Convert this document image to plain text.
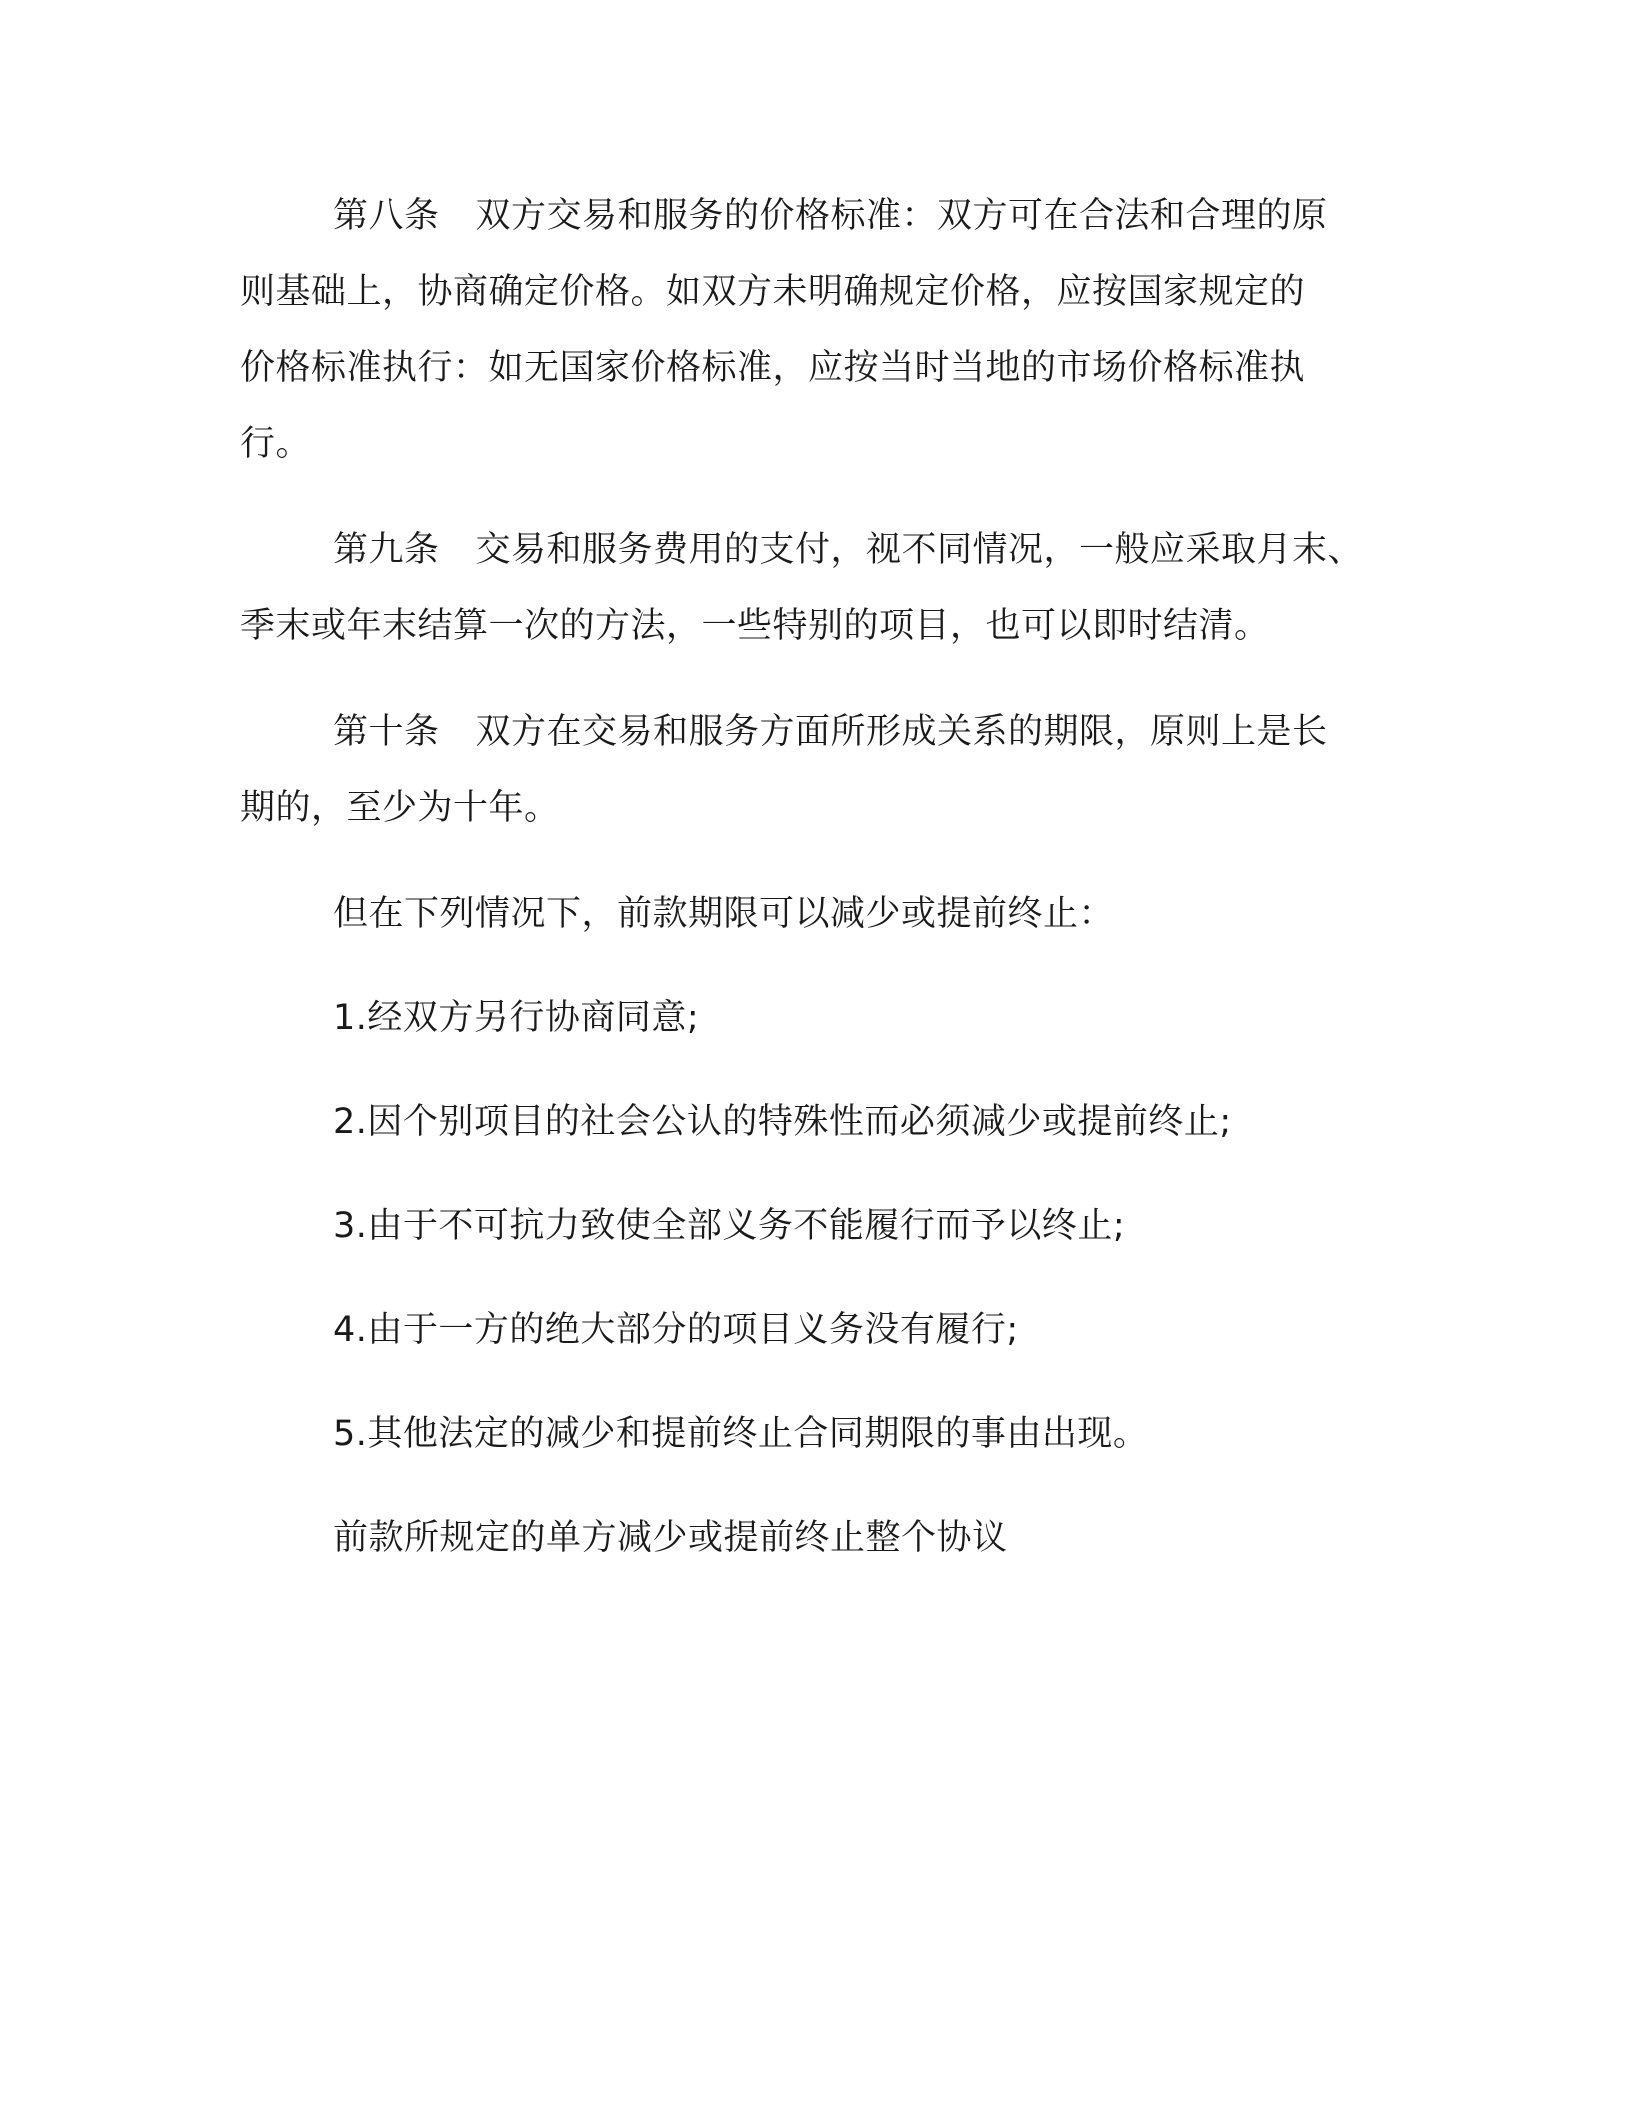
第八条 双方交易和服务的价格标准：双方可在合法和合理的原
则基础上，协商确定价格。如双方未明确规定价格，应按国家规定的
价格标准执行：如无国家价格标准，应按当时当地的市场价格标准执
行。
第九条 交易和服务费用的支付，视不同情况，一般应采取月末、
季末或年末结算一次的方法，一些特别的项目，也可以即时结清。
第十条 双方在交易和服务方面所形成关系的期限，原则上是长
期的，至少为十年。
但在下列情况下，前款期限可以减少或提前终止：
1.经双方另行协商同意;
2.因个别项目的社会公认的特殊性而必须减少或提前终止;
3.由于不可抗力致使全部义务不能履行而予以终止;
4.由于一方的绝大部分的项目义务没有履行;
5.其他法定的减少和提前终止合同期限的事由出现。
前款所规定的单方减少或提前终止整个协议
